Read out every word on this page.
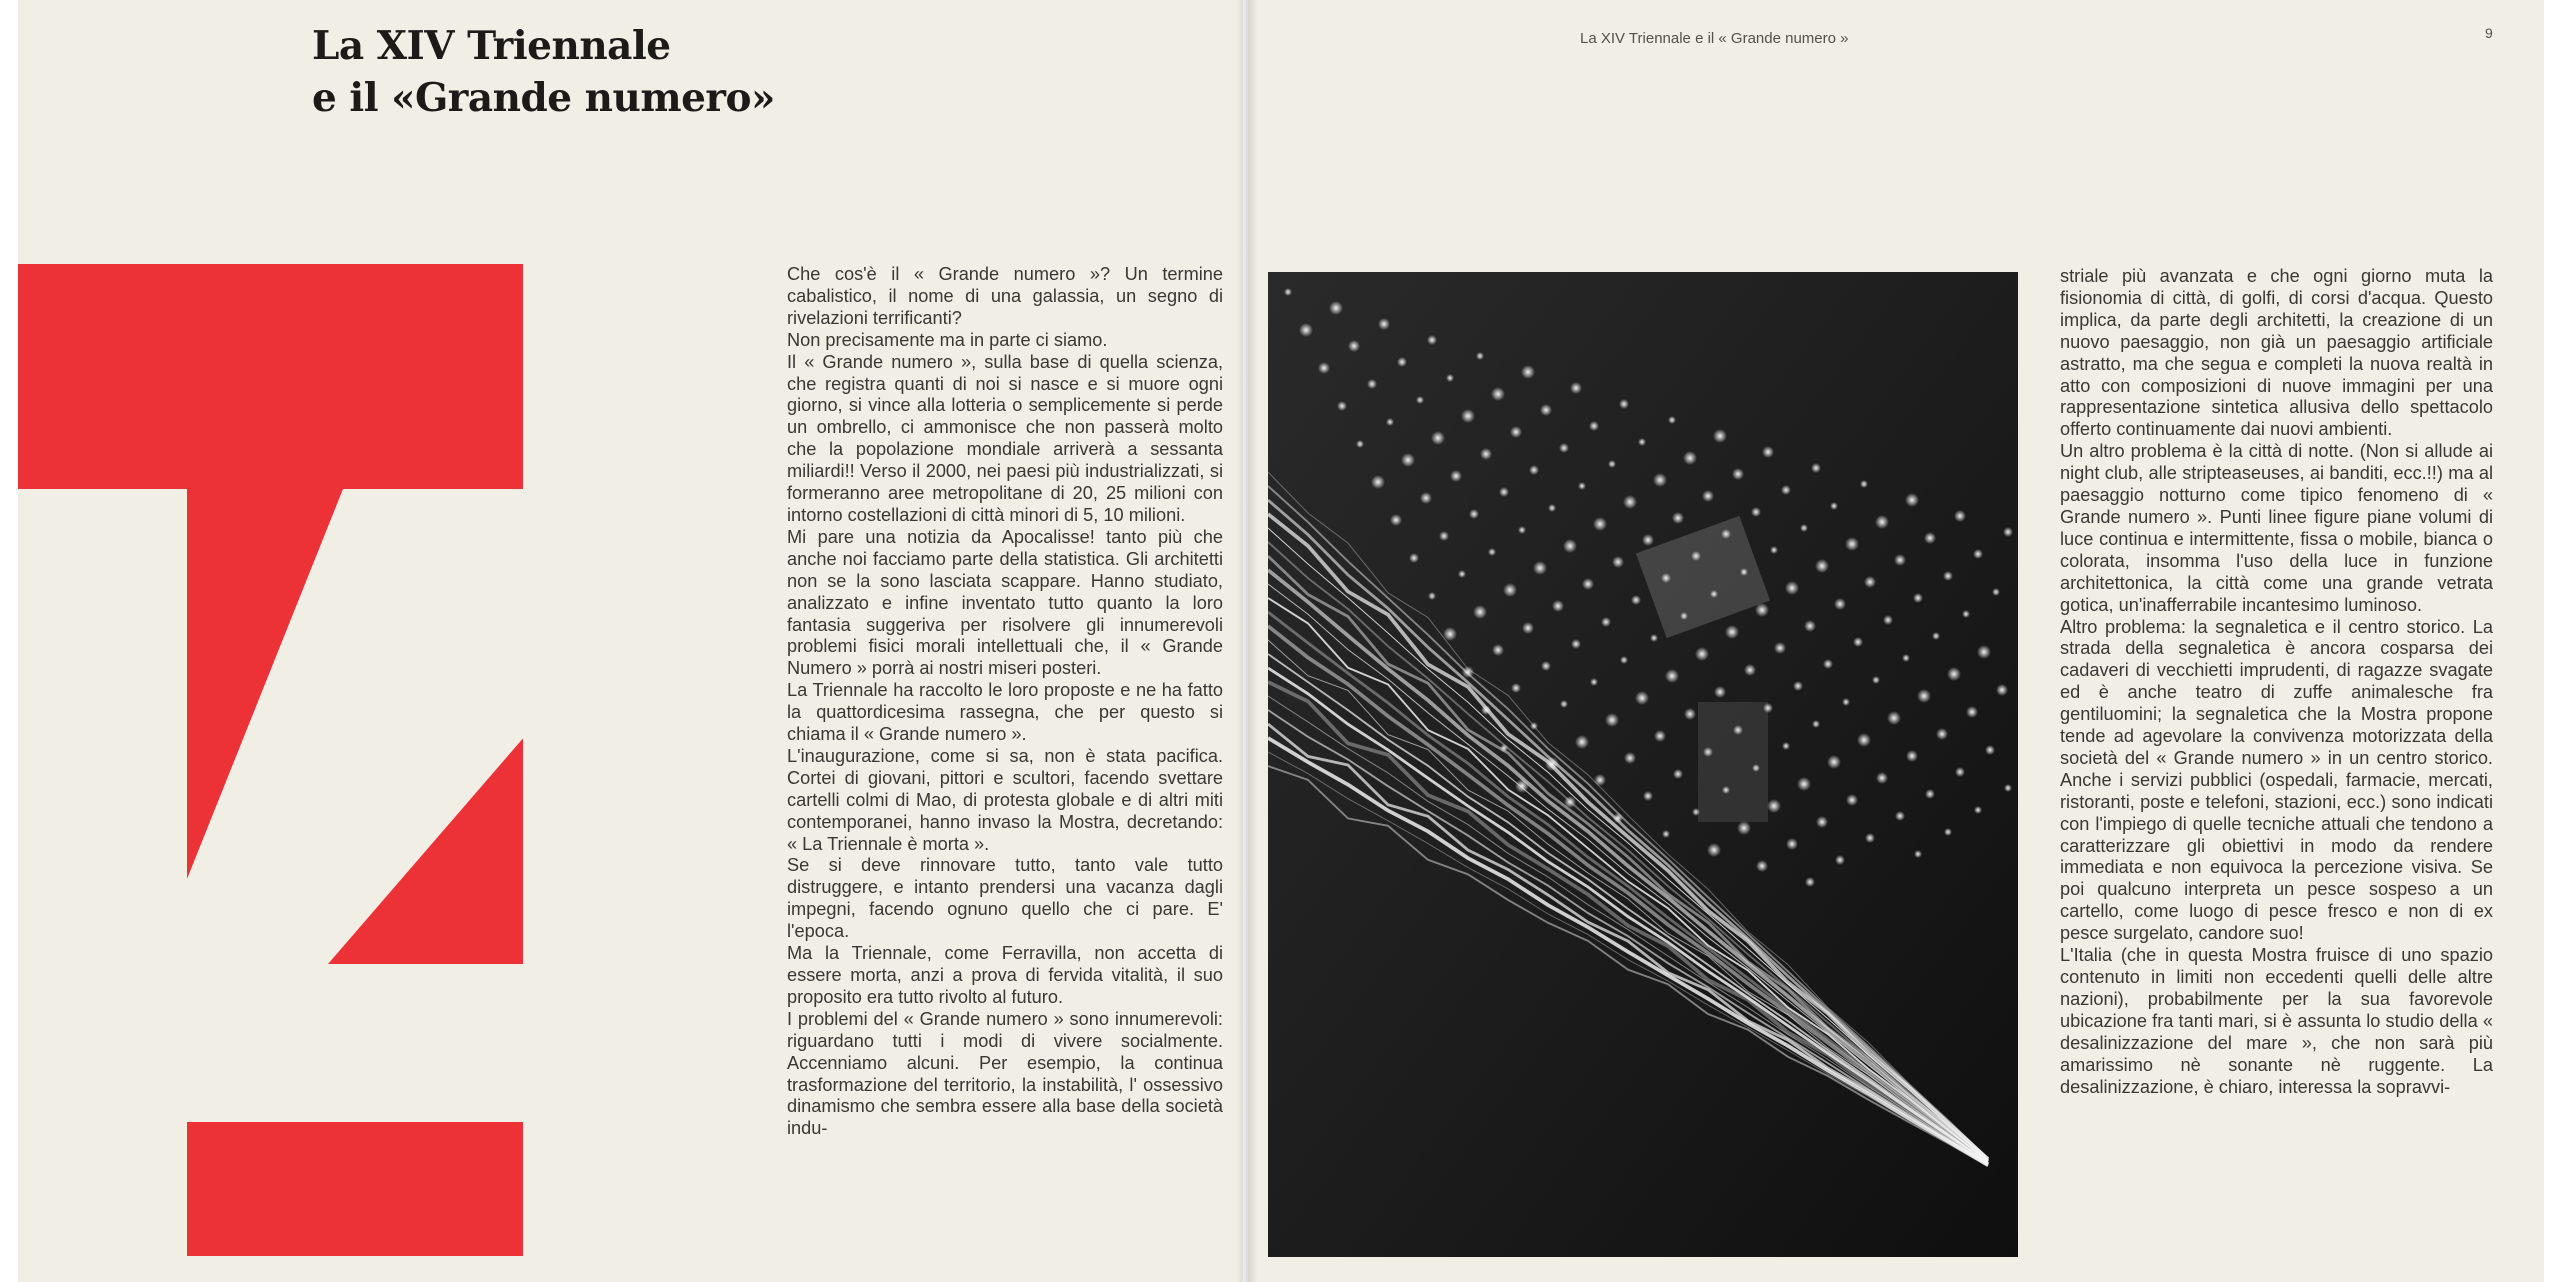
La XIV Triennale
e il «Grande numero»

Che cos'è il « Grande numero »? Un termine cabalistico, il nome di una galassia, un segno di rivelazioni terrificanti?

Non precisamente ma in parte ci siamo.

Il « Grande numero », sulla base di quella scienza, che registra quanti di noi si nasce e si muore ogni giorno, si vince alla lotteria o semplicemente si perde un ombrello, ci ammonisce che non passerà molto che la popolazione mondiale arriverà a sessanta miliardi!! Verso il 2000, nei paesi più industrializzati, si formeranno aree metropolitane di 20, 25 milioni con intorno costellazioni di città minori di 5, 10 milioni.

Mi pare una notizia da Apocalisse! tanto più che anche noi facciamo parte della statistica. Gli architetti non se la sono lasciata scappare. Hanno studiato, analizzato e infine inventato tutto quanto la loro fantasia suggeriva per risolvere gli innumerevoli problemi fisici morali intellettuali che, il « Grande Numero » porrà ai nostri miseri posteri.

La Triennale ha raccolto le loro proposte e ne ha fatto la quattordicesima rassegna, che per questo si chiama il « Grande numero ».

L'inaugurazione, come si sa, non è stata pacifica. Cortei di giovani, pittori e scultori, facendo svettare cartelli colmi di Mao, di protesta globale e di altri miti contemporanei, hanno invaso la Mostra, decretando: « La Triennale è morta ».

Se si deve rinnovare tutto, tanto vale tutto distruggere, e intanto prendersi una vacanza dagli impegni, facendo ognuno quello che ci pare. E' l'epoca.

Ma la Triennale, come Ferravilla, non accetta di essere morta, anzi a prova di fervida vitalità, il suo proposito era tutto rivolto al futuro.

I problemi del « Grande numero » sono innumerevoli: riguardano tutti i modi di vivere socialmente. Accenniamo alcuni. Per esempio, la continua trasformazione del territorio, la instabilità, l' ossessivo dinamismo che sembra essere alla base della società indu-

La XIV Triennale e il « Grande numero »	9

striale più avanzata e che ogni giorno muta la fisionomia di città, di golfi, di corsi d'acqua. Questo implica, da parte degli architetti, la creazione di un nuovo paesaggio, non già un paesaggio artificiale astratto, ma che segua e completi la nuova realtà in atto con composizioni di nuove immagini per una rappresentazione sintetica allusiva dello spettacolo offerto continuamente dai nuovi ambienti.

Un altro problema è la città di notte. (Non si allude ai night club, alle stripteaseuses, ai banditi, ecc.!!) ma al paesaggio notturno come tipico fenomeno di « Grande numero ». Punti linee figure piane volumi di luce continua e intermittente, fissa o mobile, bianca o colorata, insomma l'uso della luce in funzione architettonica, la città come una grande vetrata gotica, un'inafferrabile incantesimo luminoso.

Altro problema: la segnaletica e il centro storico. La strada della segnaletica è ancora cosparsa dei cadaveri di vecchietti imprudenti, di ragazze svagate ed è anche teatro di zuffe animalesche fra gentiluomini; la segnaletica che la Mostra propone tende ad agevolare la convivenza motorizzata della società del « Grande numero » in un centro storico. Anche i servizi pubblici (ospedali, farmacie, mercati, ristoranti, poste e telefoni, stazioni, ecc.) sono indicati con l'impiego di quelle tecniche attuali che tendono a caratterizzare gli obiettivi in modo da rendere immediata e non equivoca la percezione visiva. Se poi qualcuno interpreta un pesce sospeso a un cartello, come luogo di pesce fresco e non di ex pesce surgelato, candore suo!

L'Italia (che in questa Mostra fruisce di uno spazio contenuto in limiti non eccedenti quelli delle altre nazioni), probabilmente per la sua favorevole ubicazione fra tanti mari, si è assunta lo studio della « desalinizzazione del mare », che non sarà più amarissimo nè sonante nè ruggente. La desalinizzazione, è chiaro, interessa la sopravvi-
